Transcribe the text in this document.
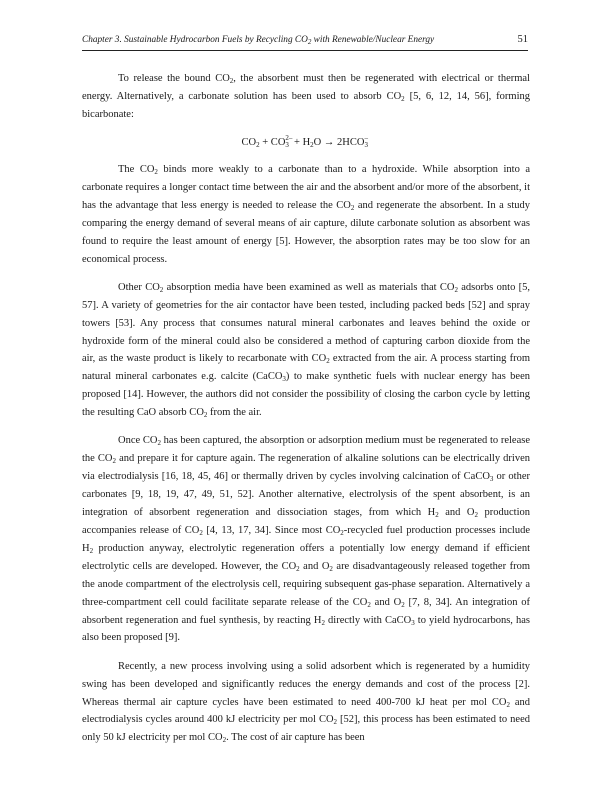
Chapter 3. Sustainable Hydrocarbon Fuels by Recycling $CO_2$ with Renewable/Nuclear Energy	51

To release the bound $CO_2$, the absorbent must then be regenerated with electrical or thermal energy. Alternatively, a carbonate solution has been used to absorb $CO_2$ [5, 6, 12, 14, 56], forming bicarbonate:

$CO_2$ + CO 2–
$3 + H_2O \to 2HCO$ –
3

The $CO_2$ binds more weakly to a carbonate than to a hydroxide. While absorption into a carbonate requires a longer contact time between the air and the absorbent and/or more of the absorbent, it has the advantage that less energy is needed to release the $CO_2$ and regenerate the absorbent. In a study comparing the energy demand of several means of air capture, dilute carbonate solution as absorbent was found to require the least amount of energy [5]. However, the absorption rates may be too slow for an economical process.

Other $CO_2$ absorption media have been examined as well as materials that $CO_2$ adsorbs onto [5, 57]. A variety of geometries for the air contactor have been tested, including packed beds [52] and spray towers [53]. Any process that consumes natural mineral carbonates and leaves behind the oxide or hydroxide form of the mineral could also be considered a method of capturing carbon dioxide from the air, as the waste product is likely to recarbonate with $CO_2$ extracted from the air. A process starting from natural mineral carbonates e.g. calcite (CaCO$_3$) to make synthetic fuels with nuclear energy has been proposed [14]. However, the authors did not consider the possibility of closing the carbon cycle by letting the resulting CaO absorb $CO_2$ from the air.

Once $CO_2$ has been captured, the absorption or adsorption medium must be regenerated to release the $CO_2$ and prepare it for capture again. The regeneration of alkaline solutions can be electrically driven via electrodialysis [16, 18, 45, 46] or thermally driven by cycles involving calcination of CaCO$_3$ or other carbonates [9, 18, 19, 47, 49, 51, 52]. Another alternative, electrolysis of the spent absorbent, is an integration of absorbent regeneration and dissociation stages, from which $H_2$ and $O_2$ production accompanies release of $CO_2$ [4, 13, 17, 34]. Since most $CO_2$-recycled fuel production processes include $H_2$ production anyway, electrolytic regeneration offers a potentially low energy demand if efficient electrolytic cells are developed. However, the $CO_2$ and $O_2$ are disadvantageously released together from the anode compartment of the electrolysis cell, requiring subsequent gas-phase separation. Alternatively a three-compartment cell could facilitate separate release of the $CO_2$ and $O_2$ [7, 8, 34]. An integration of absorbent regeneration and fuel synthesis, by reacting $H_2$ directly with CaCO$_3$ to yield hydrocarbons, has also been proposed [9].

Recently, a new process involving using a solid adsorbent which is regenerated by a humidity swing has been developed and significantly reduces the energy demands and cost of the process [2]. Whereas thermal air capture cycles have been estimated to need 400-700 kJ heat per mol $CO_2$ and electrodialysis cycles around 400 kJ electricity per mol $CO_2$ [52], this process has been estimated to need only 50 kJ electricity per mol $CO_2$. The cost of air capture has been
